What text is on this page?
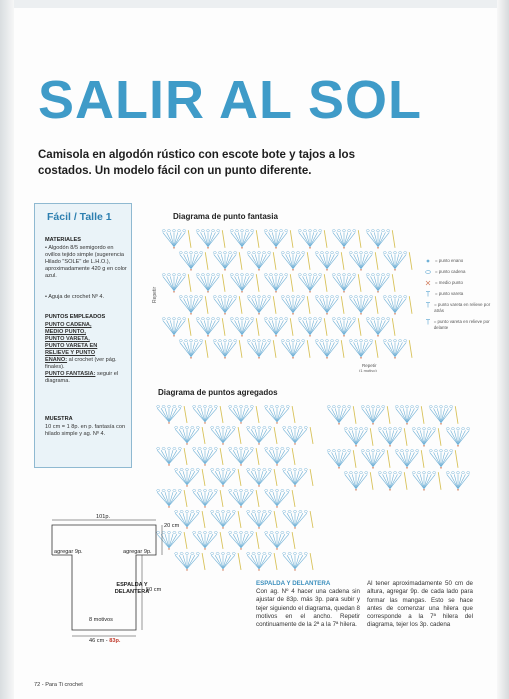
SALIR AL SOL
Camisola en algodón rústico con escote bote y tajos a los costados. Un modelo fácil con un punto diferente.
Fácil / Talle 1
MATERIALES
• Algodón 8/5 semigordo en ovillos tejido simple (sugerencia Hilado "SOLE" de L.H.O.), aproximadamente 420 g en color azul.
• Aguja de crochet Nº 4.
PUNTOS EMPLEADOS
PUNTO CADENA,
MEDIO PUNTO,
PUNTO VARETA,
PUNTO VARETA EN
RELIEVE Y PUNTO
ENANO: al crochet (ver pág. finales).
PUNTO FANTASIA: seguir el diagrama.
MUESTRA
10 cm = 1 8p. en p. fantasía con hilado simple y ag. Nº 4.
Diagrama de punto fantasia
Repetir
Repetir
(1 motivo)
= punto enano
= punto cadena
= medio punto
= punto vareta
= punto vareta en relieve por atrás
= punto vareta en relieve por delante
Diagrama de puntos agregados
101p.
20 cm
agregar 9p.	agregar 9p.
ESPALDA Y
DELANTERA
50 cm
8 motivos
46 cm - 83p.
ESPALDA Y DELANTERA
Con ag. Nº 4 hacer una cadena sin ajustar de 83p. más 3p. para subir y tejer siguiendo el diagrama, quedan 8 motivos en el ancho. Repetir continuamente de la 2ª a la 7ª hilera.
Al tener aproximadamente 50 cm de altura, agregar 9p. de cada lado para formar las mangas. Esto se hace antes de comenzar una hilera que corresponde a la 7ª hilera del diagrama, tejer los 3p. cadena
72 - Para Ti crochet
